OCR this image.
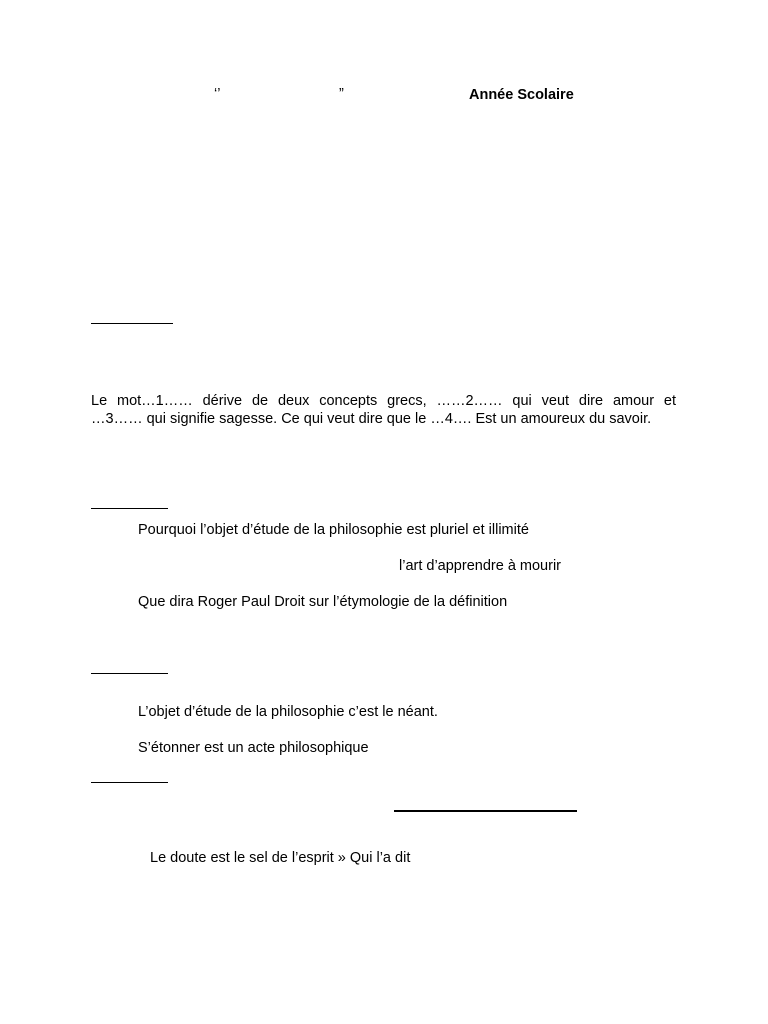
‘’	”	Année Scolaire
Le mot…1…… dérive de deux concepts grecs, ……2…… qui veut dire amour et
…3…… qui signifie sagesse. Ce qui veut dire que le …4…. Est un amoureux du savoir.
Pourquoi l’objet d’étude de la philosophie est pluriel et illimité
l’art d’apprendre à mourir
Que dira Roger Paul Droit sur l’étymologie de la définition
L’objet d’étude de la philosophie c’est le néant.
S’étonner est un acte philosophique
Le doute est le sel de l’esprit » Qui l’a dit
